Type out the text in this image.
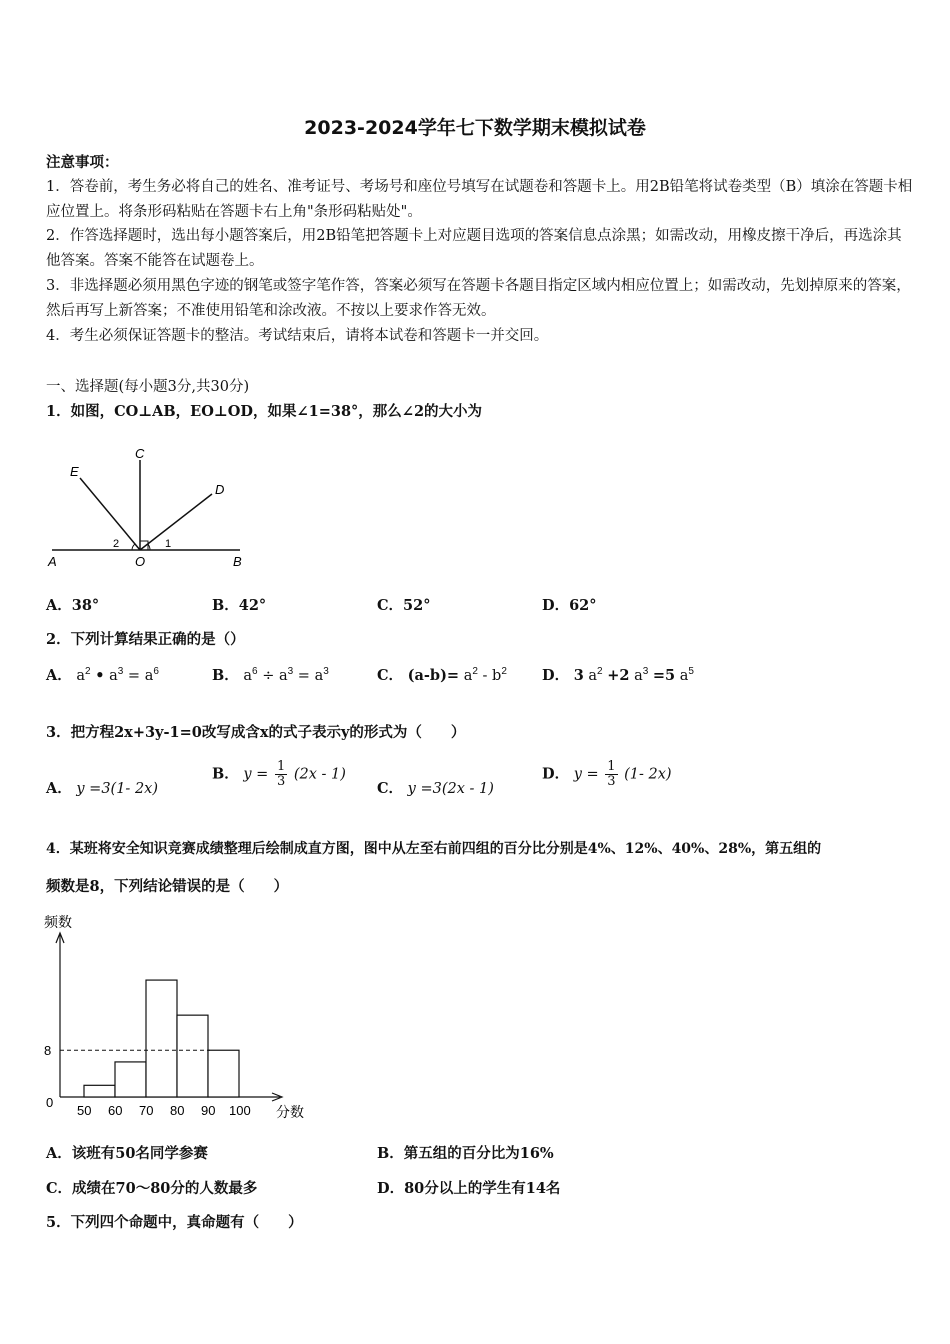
2023-2024学年七下数学期末模拟试卷
注意事项：
1．答卷前，考生务必将自己的姓名、准考证号、考场号和座位号填写在试题卷和答题卡上。用2B铅笔将试卷类型（B）填涂在答题卡相应位置上。将条形码粘贴在答题卡右上角"条形码粘贴处"。
2．作答选择题时，选出每小题答案后，用2B铅笔把答题卡上对应题目选项的答案信息点涂黑；如需改动，用橡皮擦干净后，再选涂其他答案。答案不能答在试题卷上。
3．非选择题必须用黑色字迹的钢笔或签字笔作答，答案必须写在答题卡各题目指定区域内相应位置上；如需改动，先划掉原来的答案，然后再写上新答案；不准使用铅笔和涂改液。不按以上要求作答无效。
4．考生必须保证答题卡的整洁。考试结束后，请将本试卷和答题卡一并交回。
一、选择题(每小题3分,共30分)
1．如图，CO⊥AB，EO⊥OD，如果∠1=38°，那么∠2的大小为
E
C
D
A	O	B
2	1
A．38°	B．42°	C．52°	D．62°
2．下列计算结果正确的是（）
A． $a^2$ • $a^3 = a^6$	B． $a^6 \div a^3 = a^3$	C． $(a-b)= a^2 - b^2$ D． 3 $a^2 +2$ $a^3 =5$ $a^5$
3．把方程2x+3y-1=0改写成含x的式子表示y的形式为（　　）
A． y =3(1- 2x)
B． $y = \frac{1}{3} (2x - 1)$
C． y =3(2x - 1)
D． $y = \frac{1}{3} (1-$ 2x)
4．某班将安全知识竞赛成绩整理后绘制成直方图，图中从左至右前四组的百分比分别是4%、12%、40%、28%，第五组的
频数是8，下列结论错误的是（　　）
50 60 70 80 90 100
频数
分数
8
0
A．该班有50名同学参赛	B．第五组的百分比为16%
C．成绩在70～80分的人数最多	D．80分以上的学生有14名
5．下列四个命题中，真命题有（　　）
